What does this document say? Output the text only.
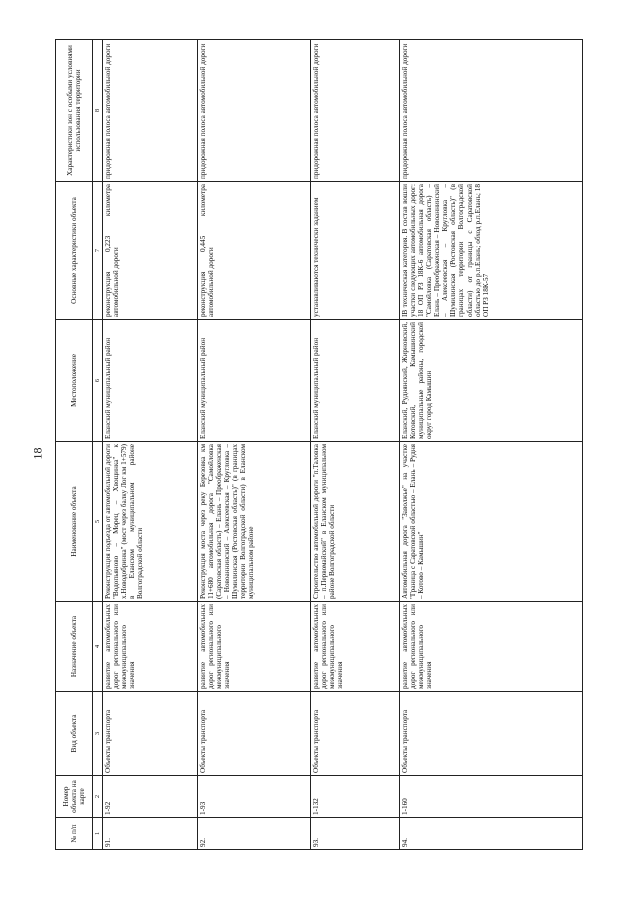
18
№ п/п	Номер объекта на карте	Вид объекта	Назначение объекта	Наименование объекта	Местоположение	Основные характеристики объекта	Характеристики зон с особыми условиями использования территории
1	2	3	4	5	6	7	8
91.	1-92	Объекты транспорта	развитие автомобильных дорог регионального или межмуниципального значения	Реконструкция подъезда от автомобильной дороги "Водопьяново – Морец – Хвощинка" к х.Новодобринка" (мост через балку Лог км 1+579) в Еланском муниципальном районе Волгоградской области	Еланский муниципальный район	реконструкция 0,223 километра автомобильной дороги	придорожная полоса автомобильной дороги
92.	1-93	Объекты транспорта	развитие автомобильных дорог регионального или межмуниципального значения	Реконструкция моста через реку Березовка км 11+680 автомобильная дорога "Самойловка (Саратовская область) – Елань – Преображенская – Новоаннинский – Алексеевская – Кругловка – Шумилинская (Ростовская область)" (в границах территории Волгоградской области) в Еланском муниципальном районе	Еланский муниципальный район	реконструкция 0,445 километра автомобильной дороги	придорожная полоса автомобильной дороги
93.	1-132	Объекты транспорта	развитие автомобильных дорог регионального или межмуниципального значения	Строительство автомобильной дороги "п.Таловка – п.Первомайский" в Еланском муниципальном районе Волгоградской области	Еланский муниципальный район	устанавливаются технически заданием	придорожная полоса автомобильной дороги
94.	1-160	Объекты транспорта	развитие автомобильных дорог регионального или межмуниципального значения	Автомобильная дорога "Заволжье" на участке "Граница с Саратовской областью – Елань – Рудня – Котово – Камышин"	Еланский, Руднянский, Жирновский, Котовский, Камышинский муниципальные районы, городской округ город Камышин	IB техническая категория. В состав вошли участки следующих автомобильных дорог: 18 ОП РЗ 18К-6 автомобильная дорога "Самойловка (Саратовская область) – Елань – Преображенская – Новоаннинский – Алексеевская – Кругловка – Шумилинская (Ростовская область)" (в границах территории Волгоградской области) от границы с Саратовской областью до р.п.Елань; обход р.п.Елань; 18 ОП РЗ 18К-57	придорожная полоса автомобильной дороги
